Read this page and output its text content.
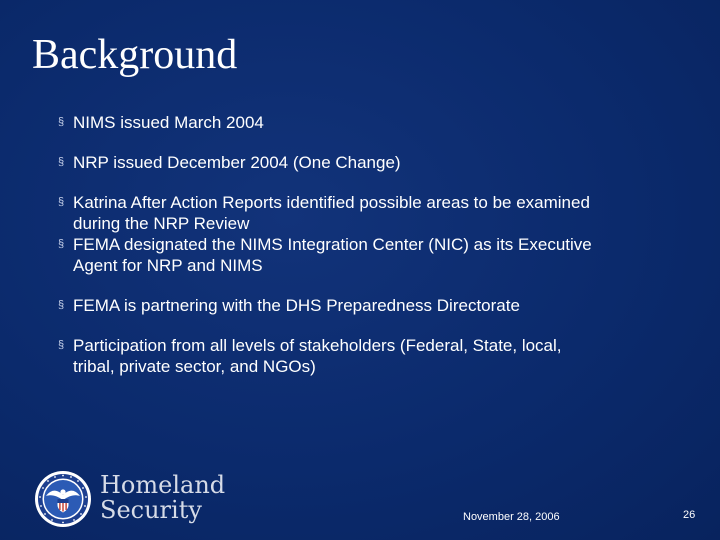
Background
§ NIMS issued March 2004
§ NRP issued December 2004 (One Change)
§ Katrina After Action Reports identified possible areas to be examined
during the NRP Review
§ FEMA designated the NIMS Integration Center (NIC) as its Executive
Agent for NRP and NIMS
§ FEMA is partnering with the DHS Preparedness Directorate
§ Participation from all levels of stakeholders (Federal, State, local,
tribal, private sector, and NGOs)
Homeland
Security	November 28, 2006	26
